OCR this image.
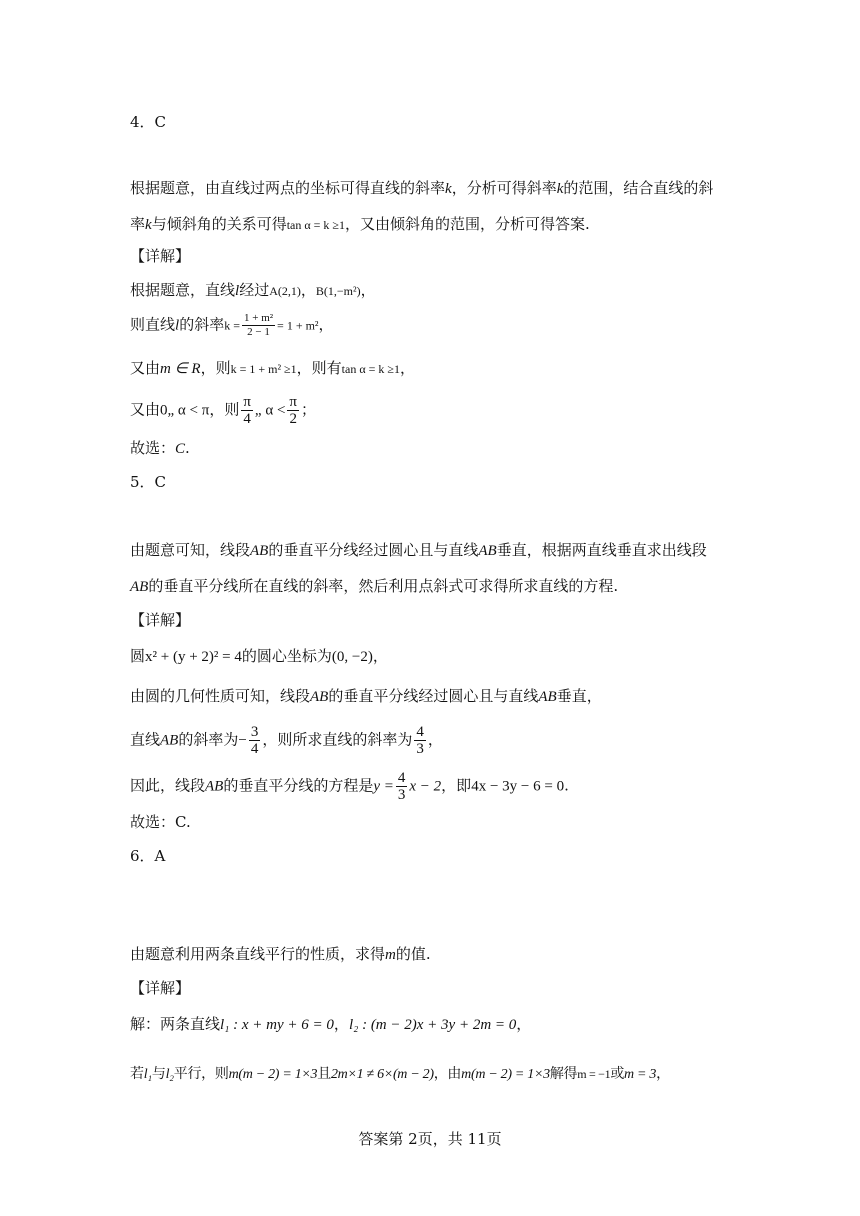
4．C
根据题意，由直线过两点的坐标可得直线的斜率k，分析可得斜率k的范围，结合直线的斜
率k与倾斜角的关系可得tan α = k ≥1，又由倾斜角的范围，分析可得答案.
【详解】
根据题意，直线l经过A(2,1)，B(1,−m²)，
则直线l的斜率$k = \frac{\text{1 + m²}}{2 - 1} = 1 + m^2$，
又由m ∈ R，则k = 1 + m² ≥1，则有tan α = k ≥1，
又由0„ α < π，则 $\frac{\pi}{4}$ „ $\alpha < \frac{\pi}{2}$ ；
故选：C.
5．C
由题意可知，线段AB的垂直平分线经过圆心且与直线AB垂直，根据两直线垂直求出线段
AB的垂直平分线所在直线的斜率，然后利用点斜式可求得所求直线的方程.
【详解】
圆x² + (y + 2)² = 4的圆心坐标为(0, −2)，
由圆的几何性质可知，线段AB的垂直平分线经过圆心且与直线AB垂直，
直线AB的斜率为− $\frac{3}{4}$ ，则所求直线的斜率为 $\frac{4}{3}$ ，
因此，线段AB的垂直平分线的方程是$y = \frac{4}{3}$ x − 2，即4x − 3y − 6 = 0.
故选：C.
6．A
由题意利用两条直线平行的性质，求得m的值.
【详解】
解：两条直线l₁ : x + my + 6 = 0，l₂ : (m − 2)x + 3y + 2m = 0，
若l₁与l₂平行，则m(m − 2) = 1×3且2m×1 ≠ 6×(m − 2)，由m(m − 2) = 1×3解得m = −1或m = 3，
答案第 2页，共 11页
